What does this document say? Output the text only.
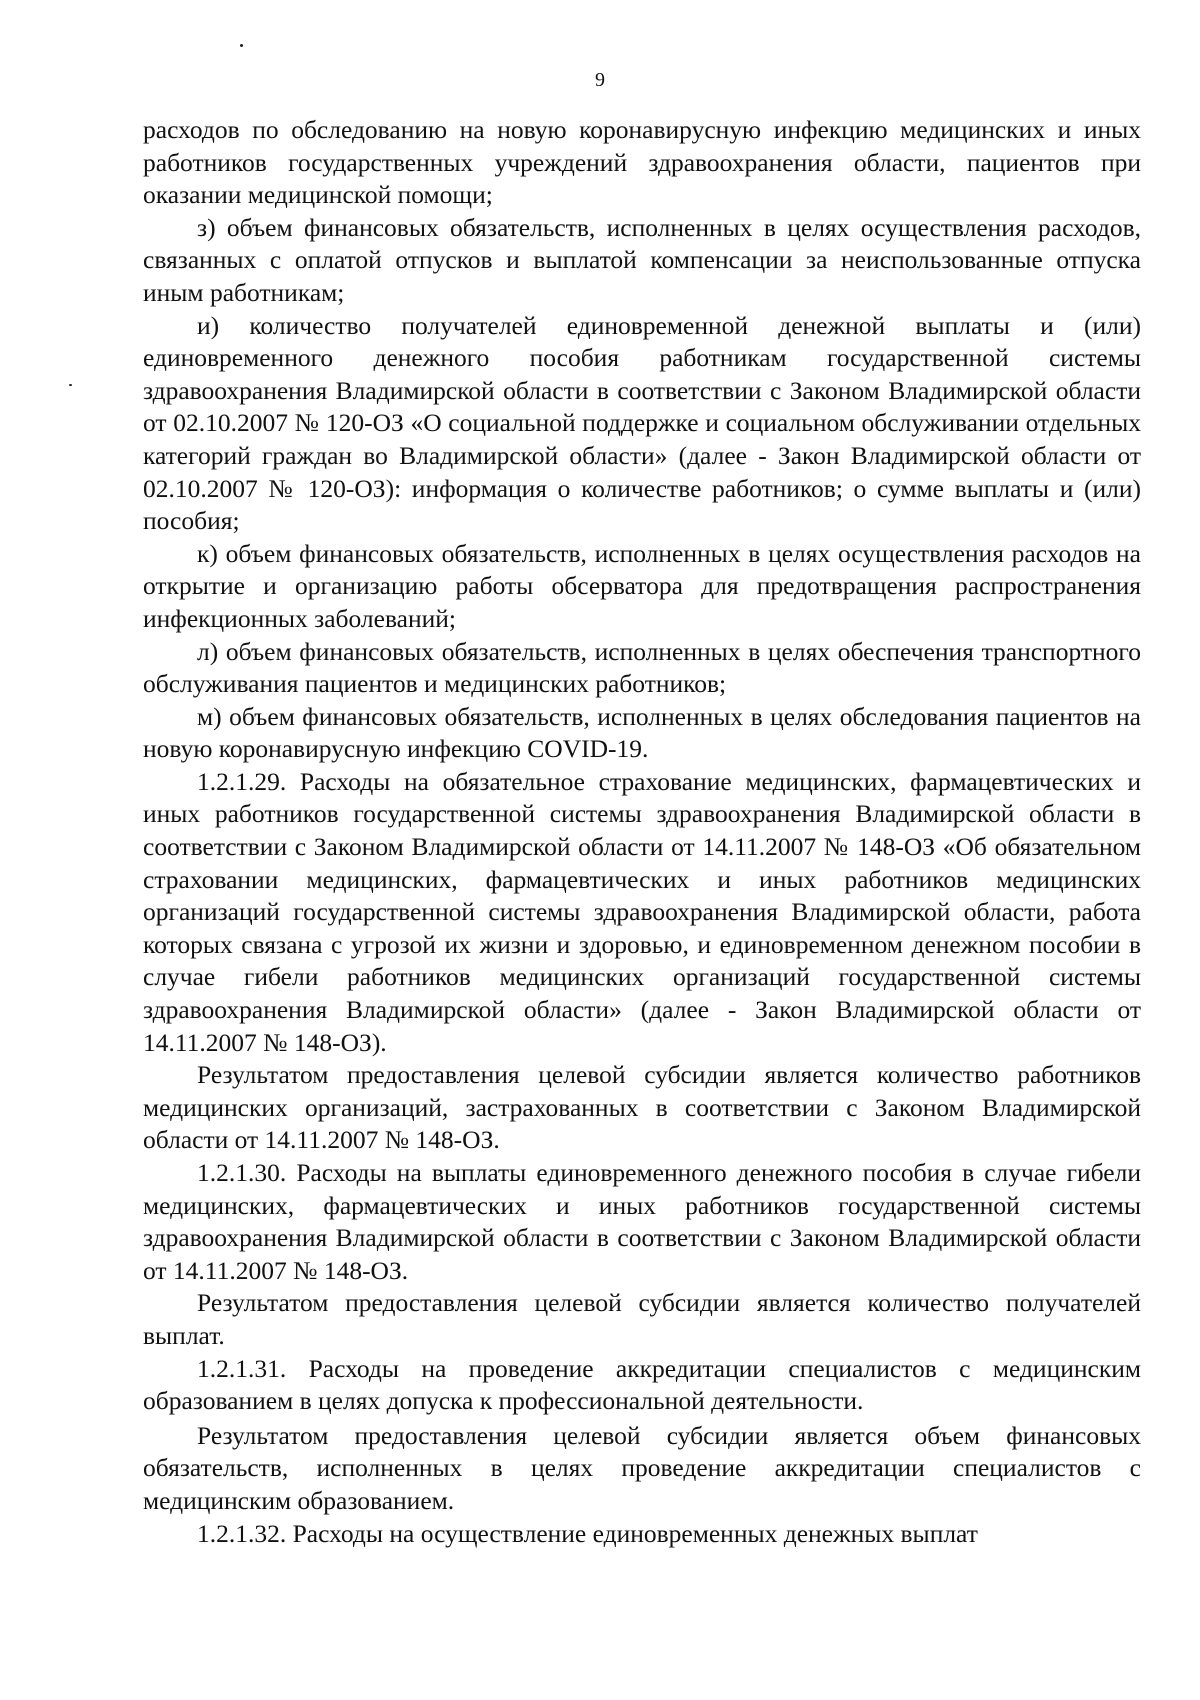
9

расходов по обследованию на новую коронавирусную инфекцию медицинских и иных работников государственных учреждений здравоохранения области, пациентов при оказании медицинской помощи;

з) объем финансовых обязательств, исполненных в целях осуществления расходов, связанных с оплатой отпусков и выплатой компенсации за неиспользованные отпуска иным работникам;

и) количество получателей единовременной денежной выплаты и (или) единовременного денежного пособия работникам государственной системы здравоохранения Владимирской области в соответствии с Законом Владимирской области от 02.10.2007 № 120-ОЗ «О социальной поддержке и социальном обслуживании отдельных категорий граждан во Владимирской области» (далее - Закон Владимирской области от 02.10.2007 № 120-ОЗ): информация о количестве работников; о сумме выплаты и (или) пособия;

к) объем финансовых обязательств, исполненных в целях осуществления расходов на открытие и организацию работы обсерватора для предотвращения распространения инфекционных заболеваний;

л) объем финансовых обязательств, исполненных в целях обеспечения транспортного обслуживания пациентов и медицинских работников;

м) объем финансовых обязательств, исполненных в целях обследования пациентов на новую коронавирусную инфекцию COVID-19.

1.2.1.29. Расходы на обязательное страхование медицинских, фармацевтических и иных работников государственной системы здравоохранения Владимирской области в соответствии с Законом Владимирской области от 14.11.2007 № 148-ОЗ «Об обязательном страховании медицинских, фармацевтических и иных работников медицинских организаций государственной системы здравоохранения Владимирской области, работа которых связана с угрозой их жизни и здоровью, и единовременном денежном пособии в случае гибели работников медицинских организаций государственной системы здравоохранения Владимирской области» (далее - Закон Владимирской области от 14.11.2007 № 148-ОЗ).

Результатом предоставления целевой субсидии является количество работников медицинских организаций, застрахованных в соответствии с Законом Владимирской области от 14.11.2007 № 148-ОЗ.

1.2.1.30. Расходы на выплаты единовременного денежного пособия в случае гибели медицинских, фармацевтических и иных работников государственной системы здравоохранения Владимирской области в соответствии с Законом Владимирской области от 14.11.2007 № 148-ОЗ.

Результатом предоставления целевой субсидии является количество получателей выплат.

1.2.1.31. Расходы на проведение аккредитации специалистов с медицинским образованием в целях допуска к профессиональной деятельности.

Результатом предоставления целевой субсидии является объем финансовых обязательств, исполненных в целях проведение аккредитации специалистов с медицинским образованием.

1.2.1.32. Расходы на осуществление единовременных денежных выплат
